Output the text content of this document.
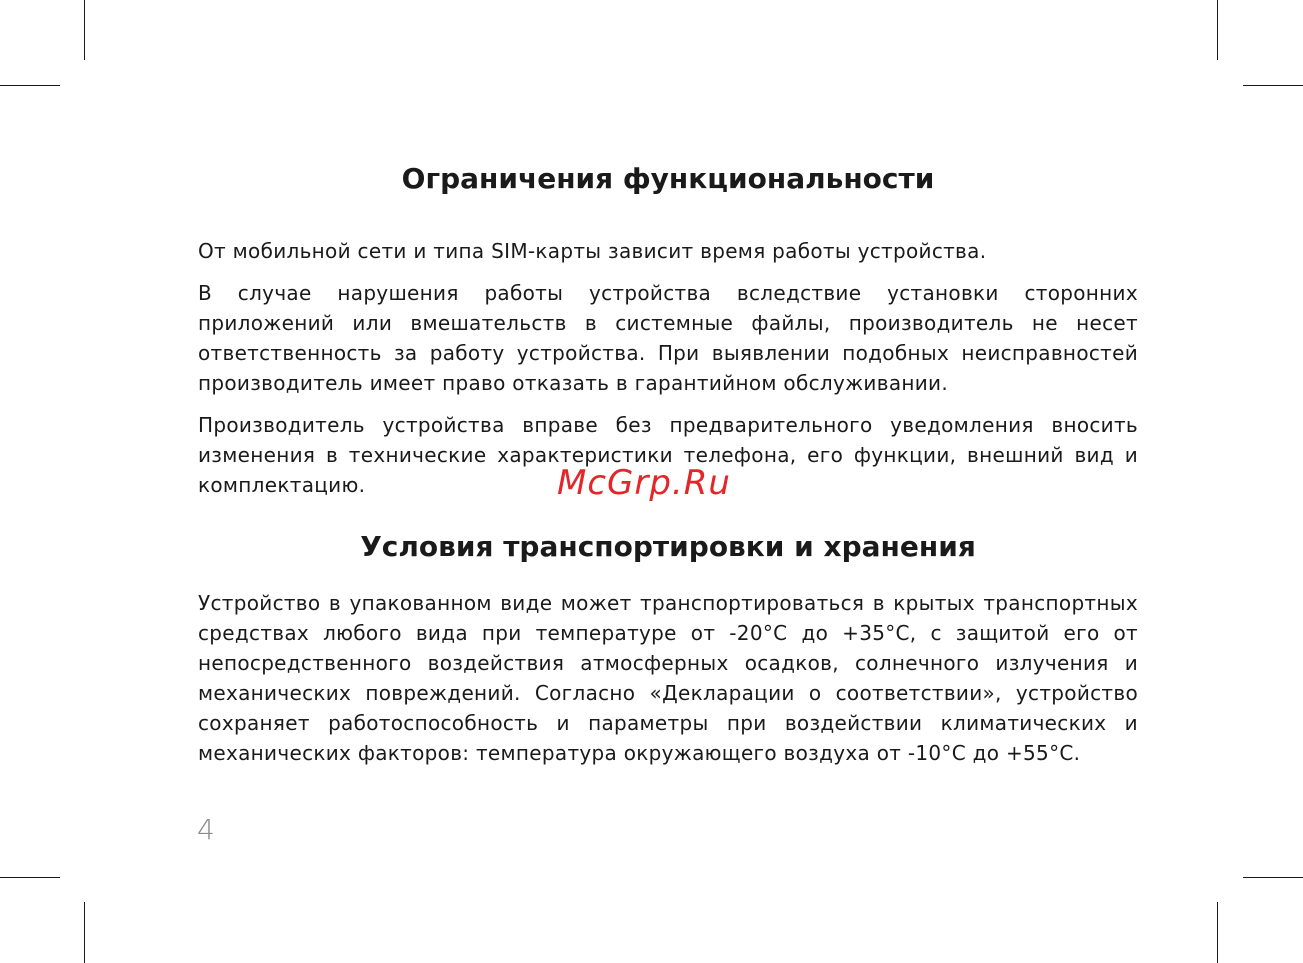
Ограничения функциональности

От мобильной сети и типа SIM-карты зависит время работы устройства.

В случае нарушения работы устройства вследствие установки сторонних приложений или вмешательств в системные файлы, производитель не несет ответственность за работу устройства. При выявлении подобных неисправностей производитель имеет право отказать в гарантийном обслуживании.

Производитель устройства вправе без предварительного уведомления вносить изменения в технические характеристики телефона, его функции, внешний вид и комплектацию.	McGrp.Ru
Условия транспортировки и хранения

Устройство в упакованном виде может транспортироваться в крытых транспортных средствах любого вида при температуре от -20°С до +35°С, с защитой его от непосредственного воздействия атмосферных осадков, солнечного излучения и механических повреждений. Согласно «Декларации о соответствии», устройство сохраняет работоспособность и параметры при воздействии климатических и механических факторов: температура окружающего воздуха от -10°С до +55°С.

4
